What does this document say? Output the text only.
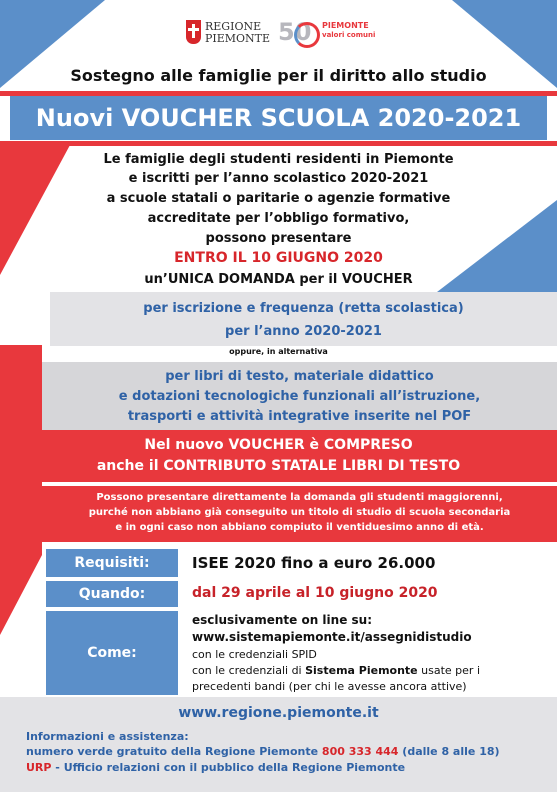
REGIONE
PIEMONTE 50 PIEMONTE
valori comuni
Sostegno alle famiglie per il diritto allo studio
Nuovi VOUCHER SCUOLA 2020-2021
Le famiglie degli studenti residenti in Piemonte
e iscritti per l’anno scolastico 2020-2021
a scuole statali o paritarie o agenzie formative
accreditate per l’obbligo formativo,
possono presentare
ENTRO IL 10 GIUGNO 2020
un’UNICA DOMANDA per il VOUCHER
per iscrizione e frequenza (retta scolastica)
per l’anno 2020-2021
oppure, in alternativa
per libri di testo, materiale didattico
e dotazioni tecnologiche funzionali all’istruzione,
trasporti e attività integrative inserite nel POF
Nel nuovo VOUCHER è COMPRESO
anche il CONTRIBUTO STATALE LIBRI DI TESTO
Possono presentare direttamente la domanda gli studenti maggiorenni,
purché non abbiano già conseguito un titolo di studio di scuola secondaria
e in ogni caso non abbiano compiuto il ventiduesimo anno di età.
Requisiti:	ISEE 2020 fino a euro 26.000
Quando:	dal 29 aprile al 10 giugno 2020
Come:
esclusivamente on line su:
www.sistemapiemonte.it/assegnidistudio
con le credenziali SPID
con le credenziali di Sistema Piemonte usate per i
precedenti bandi (per chi le avesse ancora attive)
www.regione.piemonte.it
Informazioni e assistenza:
numero verde gratuito della Regione Piemonte 800 333 444 (dalle 8 alle 18)
URP - Ufficio relazioni con il pubblico della Regione Piemonte
